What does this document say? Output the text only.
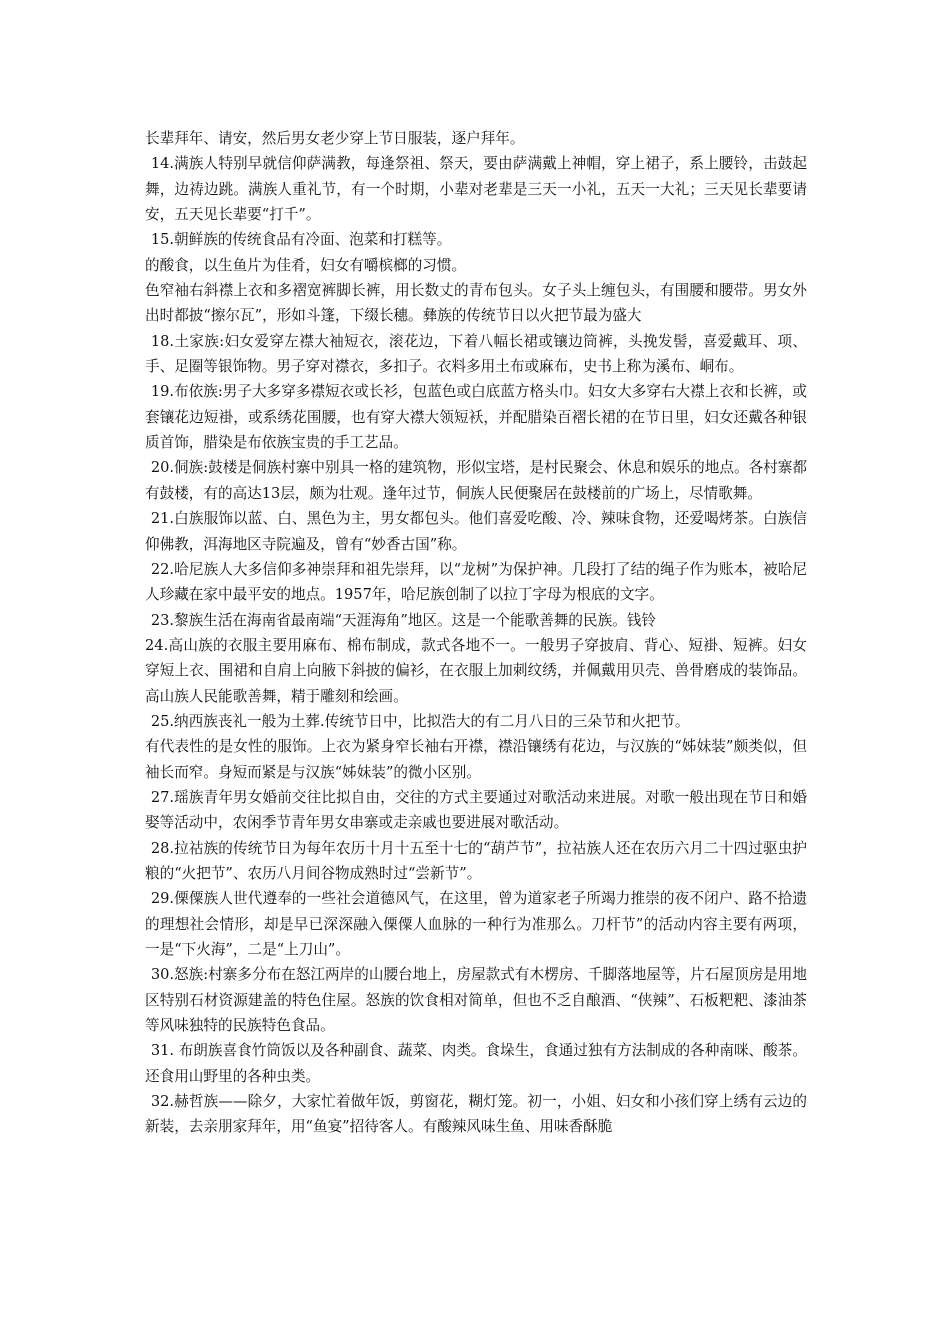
长辈拜年、请安，然后男女老少穿上节日服装，逐户拜年。

14.满族人特别早就信仰萨满教，每逢祭祖、祭天，要由萨满戴上神帽，穿上裙子，系上腰铃，击鼓起舞，边祷边跳。满族人重礼节，有一个时期，小辈对老辈是三天一小礼，五天一大礼；三天见长辈要请安，五天见长辈要“打千”。

15.朝鲜族的传统食品有冷面、泡菜和打糕等。

的酸食，以生鱼片为佳肴，妇女有嚼槟榔的习惯。

色窄袖右斜襟上衣和多褶宽裤脚长裤，用长数丈的青布包头。女子头上缠包头，有围腰和腰带。男女外出时都披“擦尔瓦”，形如斗篷，下缀长穗。彝族的传统节日以火把节最为盛大

18.土家族:妇女爱穿左襟大袖短衣，滚花边，下着八幅长裙或镶边筒裤，头挽发髻，喜爱戴耳、项、手、足圈等银饰物。男子穿对襟衣，多扣子。衣料多用土布或麻布，史书上称为溪布、峒布。

19.布依族:男子大多穿多襟短衣或长衫，包蓝色或白底蓝方格头巾。妇女大多穿右大襟上衣和长裤，或套镶花边短褂，或系绣花围腰，也有穿大襟大领短袄，并配腊染百褶长裙的在节日里，妇女还戴各种银质首饰，腊染是布依族宝贵的手工艺品。

20.侗族:鼓楼是侗族村寨中别具一格的建筑物，形似宝塔，是村民聚会、休息和娱乐的地点。各村寨都有鼓楼，有的高达13层，颇为壮观。逢年过节，侗族人民便聚居在鼓楼前的广场上，尽情歌舞。

21.白族服饰以蓝、白、黑色为主，男女都包头。他们喜爱吃酸、冷、辣味食物，还爱喝烤茶。白族信仰佛教，洱海地区寺院遍及，曾有“妙香古国”称。

22.哈尼族人大多信仰多神崇拜和祖先崇拜，以“龙树”为保护神。几段打了结的绳子作为账本，被哈尼人珍藏在家中最平安的地点。1957年，哈尼族创制了以拉丁字母为根底的文字。

23.黎族生活在海南省最南端“天涯海角”地区。这是一个能歌善舞的民族。钱铃

24.高山族的衣服主要用麻布、棉布制成，款式各地不一。一般男子穿披肩、背心、短褂、短裤。妇女穿短上衣、围裙和自肩上向腋下斜披的偏衫，在衣服上加刺纹绣，并佩戴用贝壳、兽骨磨成的装饰品。高山族人民能歌善舞，精于雕刻和绘画。

25.纳西族丧礼一般为土葬.传统节日中，比拟浩大的有二月八日的三朵节和火把节。

有代表性的是女性的服饰。上衣为紧身窄长袖右开襟，襟沿镶绣有花边，与汉族的“姊妹装”颇类似，但袖长而窄。身短而紧是与汉族“姊妹装”的微小区别。

27.瑶族青年男女婚前交往比拟自由，交往的方式主要通过对歌活动来进展。对歌一般出现在节日和婚娶等活动中，农闲季节青年男女串寨或走亲戚也要进展对歌活动。

28.拉祜族的传统节日为每年农历十月十五至十七的“葫芦节”，拉祜族人还在农历六月二十四过驱虫护粮的“火把节”、农历八月间谷物成熟时过“尝新节”。

29.傈僳族人世代遵奉的一些社会道德风气，在这里，曾为道家老子所竭力推崇的夜不闭户、路不拾遗的理想社会情形，却是早已深深融入傈僳人血脉的一种行为准那么。刀杆节”的活动内容主要有两项，一是“下火海”，二是“上刀山”。

30.怒族:村寨多分布在怒江两岸的山腰台地上，房屋款式有木楞房、千脚落地屋等，片石屋顶房是用地区特别石材资源建盖的特色住屋。怒族的饮食相对简单，但也不乏自酿酒、“侠辣”、石板粑粑、漆油茶等风味独特的民族特色食品。

31. 布朗族喜食竹筒饭以及各种副食、蔬菜、肉类。食垛生，食通过独有方法制成的各种南咪、酸茶。还食用山野里的各种虫类。

32.赫哲族——除夕，大家忙着做年饭，剪窗花，糊灯笼。初一，小姐、妇女和小孩们穿上绣有云边的新装，去亲朋家拜年，用“鱼宴”招待客人。有酸辣风味生鱼、用味香酥脆
